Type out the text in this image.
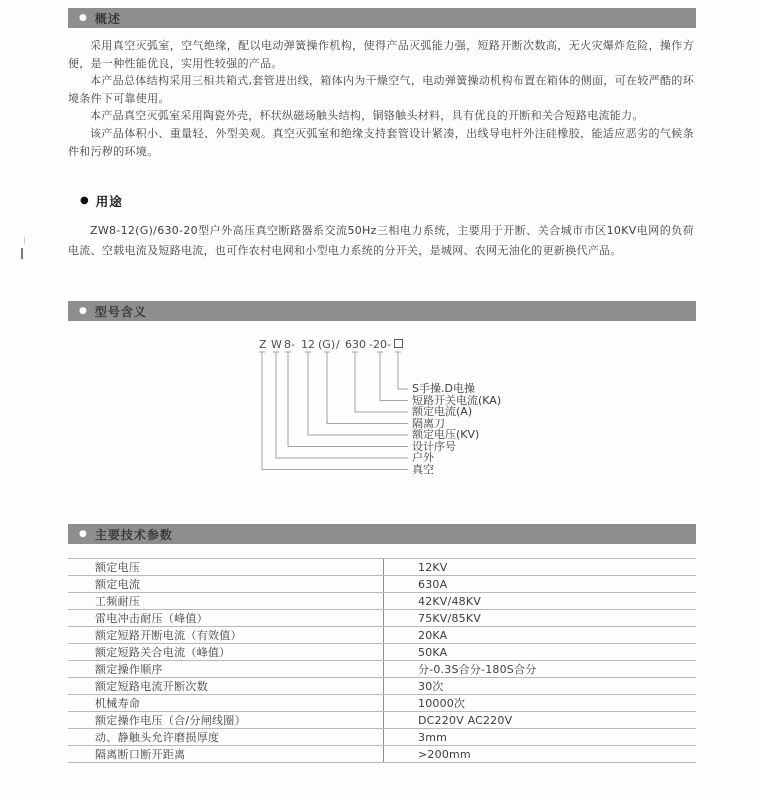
● 概述

采用真空灭弧室，空气绝缘，配以电动弹簧操作机构，使得产品灭弧能力强，短路开断次数高，无火灾爆炸危险，操作方便，是一种性能优良，实用性较强的产品。

本产品总体结构采用三相共箱式,套管进出线，箱体内为干燥空气，电动弹簧操动机构布置在箱体的侧面，可在较严酷的环境条件下可靠使用。

本产品真空灭弧室采用陶瓷外壳，杯状纵磁场触头结构，铜铬触头材料，具有优良的开断和关合短路电流能力。

该产品体积小、重量轻、外型美观。真空灭弧室和绝缘支持套管设计紧凑，出线导电杆外注硅橡胶，能适应恶劣的气候条件和污秽的环境。

● 用途

ZW8-12(G)/630-20型户外高压真空断路器系交流50Hz三相电力系统，主要用于开断、关合城市市区10KV电网的负荷电流、空载电流及短路电流，也可作农村电网和小型电力系统的分开关，是城网、农网无油化的更新换代产品。

● 型号含义
Z W 8 - 12 (G) / 630 -20-
S手操.D电操
短路开关电流(KA)
额定电流(A)
隔离刀
额定电压(KV)
设计序号
户外
真空
● 主要技术参数
额定电压	12KV
额定电流	630A
工频耐压	42KV/48KV
雷电冲击耐压（峰值）	75KV/85KV
额定短路开断电流（有效值）	20KA
额定短路关合电流（峰值）	50KA
额定操作顺序	分-0.3S合分-180S合分
额定短路电流开断次数	30次
机械寿命	10000次
额定操作电压（合/分闸线圈）	DC220V AC220V
动、静触头允许磨损厚度	3mm
隔离断口断开距离	>200mm
